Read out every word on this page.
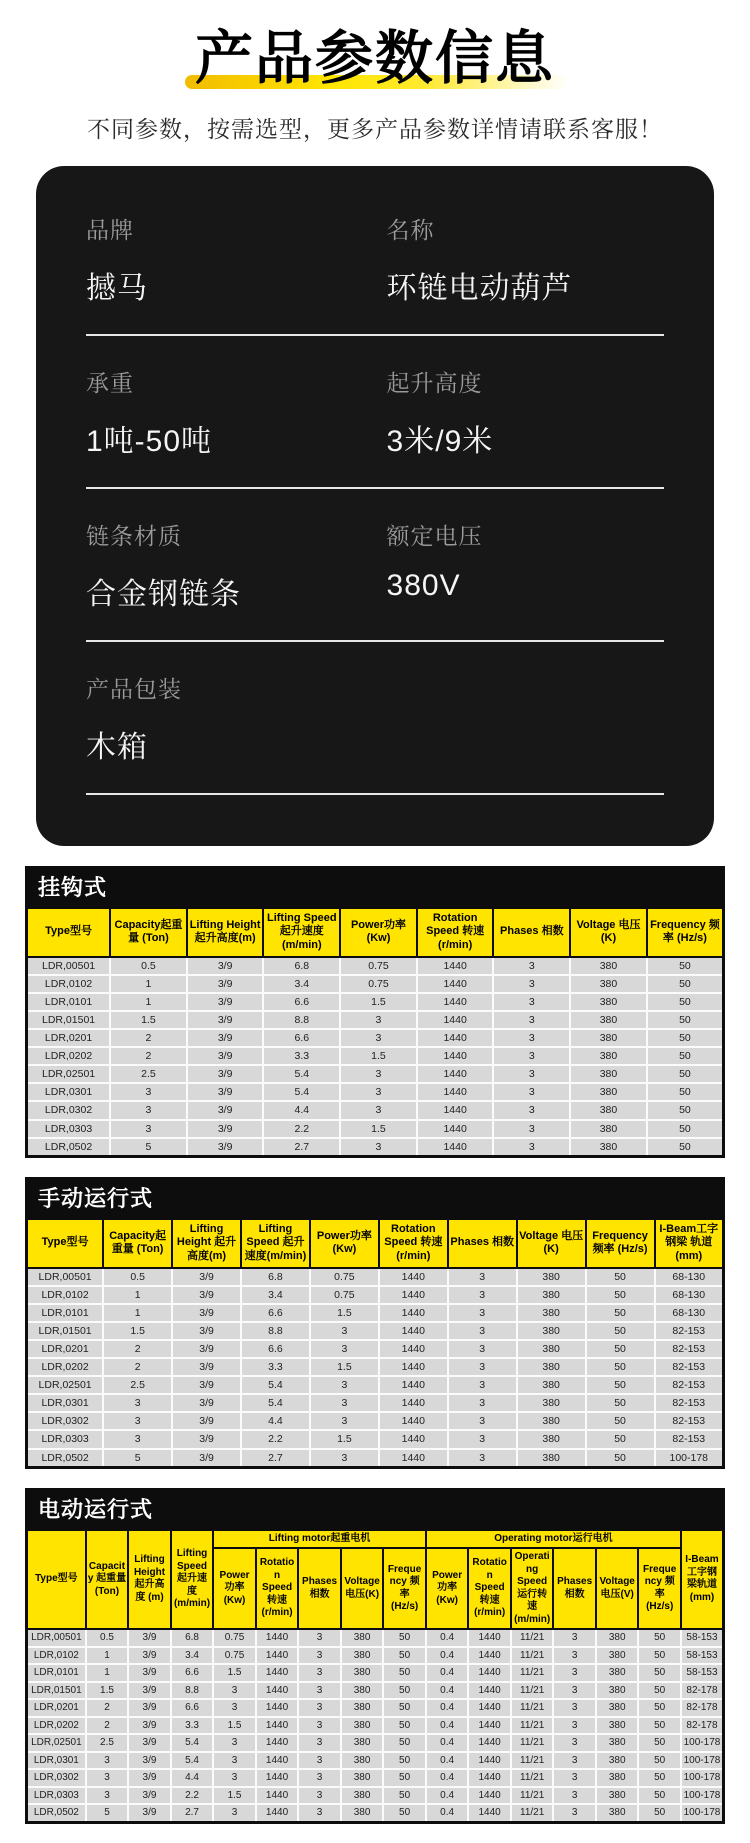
产品参数信息

不同参数，按需选型，更多产品参数详情请联系客服！

品牌
撼马
名称
环链电动葫芦
承重
1吨-50吨
起升高度
3米/9米
链条材质
合金钢链条
额定电压
380V
产品包装
木箱
挂钩式
Type型号	Capacity起重量 (Ton)	Lifting Height 起升高度(m)	Lifting Speed 起升速度(m/min)	Power功率(Kw)	Rotation Speed 转速(r/min)	Phases 相数	Voltage 电压(K)	Frequency 频率 (Hz/s)
LDR,00501	0.5	3/9	6.8	0.75	1440	3	380	50
LDR,0102	1	3/9	3.4	0.75	1440	3	380	50
LDR,0101	1	3/9	6.6	1.5	1440	3	380	50
LDR,01501	1.5	3/9	8.8	3	1440	3	380	50
LDR,0201	2	3/9	6.6	3	1440	3	380	50
LDR,0202	2	3/9	3.3	1.5	1440	3	380	50
LDR,02501	2.5	3/9	5.4	3	1440	3	380	50
LDR,0301	3	3/9	5.4	3	1440	3	380	50
LDR,0302	3	3/9	4.4	3	1440	3	380	50
LDR,0303	3	3/9	2.2	1.5	1440	3	380	50
LDR,0502	5	3/9	2.7	3	1440	3	380	50
手动运行式
Type型号	Capacity起重量 (Ton)	Lifting Height 起升高度(m)	Lifting Speed 起升速度(m/min)	Power功率(Kw)	Rotation Speed 转速(r/min)	Phases 相数	Voltage 电压(K)	Frequency 频率 (Hz/s)	I-Beam工字钢梁 轨道(mm)
LDR,00501	0.5	3/9	6.8	0.75	1440	3	380	50	68-130
LDR,0102	1	3/9	3.4	0.75	1440	3	380	50	68-130
LDR,0101	1	3/9	6.6	1.5	1440	3	380	50	68-130
LDR,01501	1.5	3/9	8.8	3	1440	3	380	50	82-153
LDR,0201	2	3/9	6.6	3	1440	3	380	50	82-153
LDR,0202	2	3/9	3.3	1.5	1440	3	380	50	82-153
LDR,02501	2.5	3/9	5.4	3	1440	3	380	50	82-153
LDR,0301	3	3/9	5.4	3	1440	3	380	50	82-153
LDR,0302	3	3/9	4.4	3	1440	3	380	50	82-153
LDR,0303	3	3/9	2.2	1.5	1440	3	380	50	82-153
LDR,0502	5	3/9	2.7	3	1440	3	380	50	100-178
电动运行式
Type型号	Capacity 起重量 (Ton)	Lifting Height 起升高度 (m)	Lifting Speed 起升速度 (m/min)	Lifting motor起重电机					Operating motor运行电机						I-Beam工字钢梁轨道(mm)
				Power功率(Kw)	Rotation Speed 转速(r/min)	Phases 相数	Voltage 电压(K)	Frequency 频率 (Hz/s)	Power功率(Kw)	Rotation Speed转速(r/min)	Operating Speed 运行转速 (m/min)	Phases 相数	Voltage 电压(V)	Frequency 频率 (Hz/s)	
LDR,00501	0.5	3/9	6.8	0.75	1440	3	380	50	0.4	1440	11/21	3	380	50	58-153
LDR,0102	1	3/9	3.4	0.75	1440	3	380	50	0.4	1440	11/21	3	380	50	58-153
LDR,0101	1	3/9	6.6	1.5	1440	3	380	50	0.4	1440	11/21	3	380	50	58-153
LDR,01501	1.5	3/9	8.8	3	1440	3	380	50	0.4	1440	11/21	3	380	50	82-178
LDR,0201	2	3/9	6.6	3	1440	3	380	50	0.4	1440	11/21	3	380	50	82-178
LDR,0202	2	3/9	3.3	1.5	1440	3	380	50	0.4	1440	11/21	3	380	50	82-178
LDR,02501	2.5	3/9	5.4	3	1440	3	380	50	0.4	1440	11/21	3	380	50	100-178
LDR,0301	3	3/9	5.4	3	1440	3	380	50	0.4	1440	11/21	3	380	50	100-178
LDR,0302	3	3/9	4.4	3	1440	3	380	50	0.4	1440	11/21	3	380	50	100-178
LDR,0303	3	3/9	2.2	1.5	1440	3	380	50	0.4	1440	11/21	3	380	50	100-178
LDR,0502	5	3/9	2.7	3	1440	3	380	50	0.4	1440	11/21	3	380	50	100-178
